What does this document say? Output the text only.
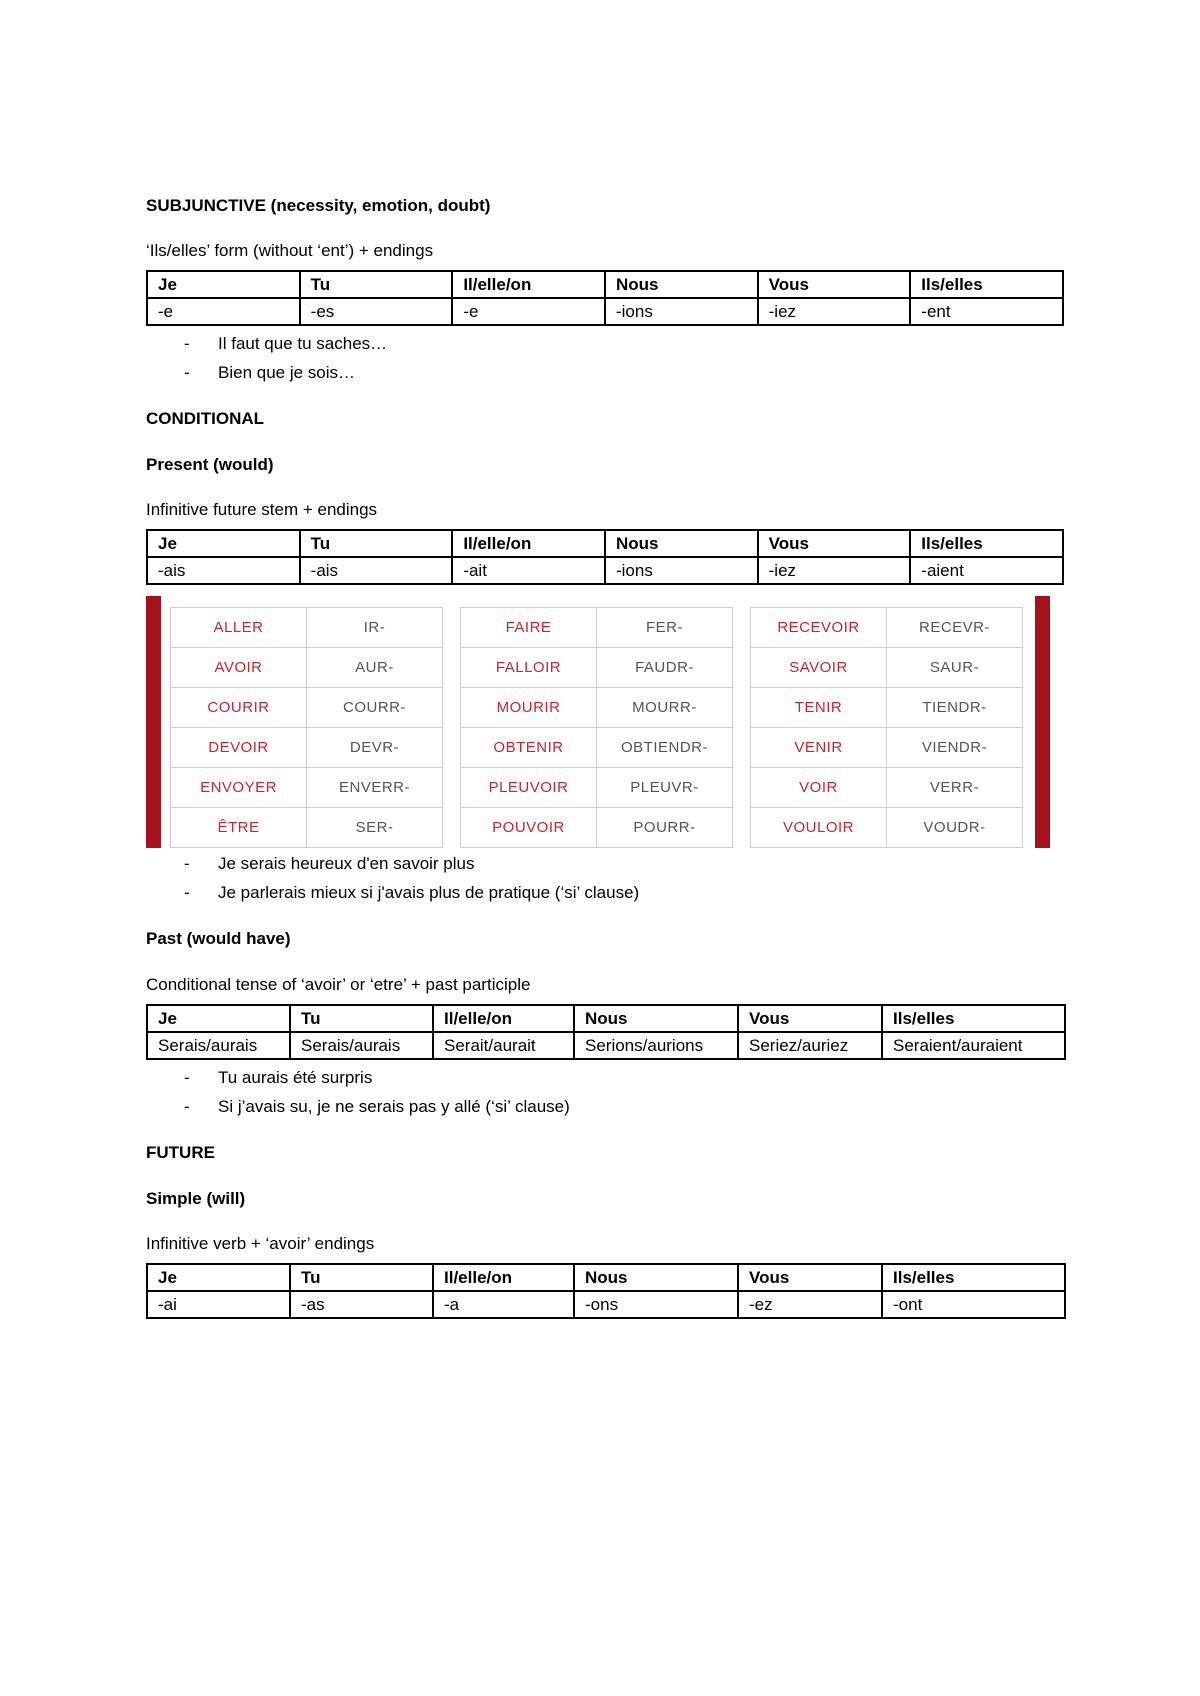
SUBJUNCTIVE (necessity, emotion, doubt)
‘Ils/elles’ form (without ‘ent’) + endings
Je	Tu	Il/elle/on	Nous	Vous	Ils/elles
-e	-es	-e	-ions	-iez	-ent
- Il faut que tu saches…
- Bien que je sois…
CONDITIONAL
Present (would)
Infinitive future stem + endings
Je	Tu	Il/elle/on	Nous	Vous	Ils/elles
-ais	-ais	-ait	-ions	-iez	-aient
ALLER	IR-
AVOIR	AUR-
COURIR	COURR-
DEVOIR	DEVR-
ENVOYER	ENVERR-
ÊTRE	SER-
FAIRE	FER-
FALLOIR	FAUDR-
MOURIR	MOURR-
OBTENIR	OBTIENDR-
PLEUVOIR	PLEUVR-
POUVOIR	POURR-
RECEVOIR	RECEVR-
SAVOIR	SAUR-
TENIR	TIENDR-
VENIR	VIENDR-
VOIR	VERR-
VOULOIR	VOUDR-
- Je serais heureux d'en savoir plus
- Je parlerais mieux si j'avais plus de pratique (‘si’ clause)
Past (would have)
Conditional tense of ‘avoir’ or ‘etre’ + past participle
Je	Tu	Il/elle/on	Nous	Vous	Ils/elles
Serais/aurais	Serais/aurais	Serait/aurait	Serions/aurions	Seriez/auriez	Seraient/auraient
- Tu aurais été surpris
- Si j’avais su, je ne serais pas y allé (‘si’ clause)
FUTURE
Simple (will)
Infinitive verb + ‘avoir’ endings
Je	Tu	Il/elle/on	Nous	Vous	Ils/elles
-ai	-as	-a	-ons	-ez	-ont
